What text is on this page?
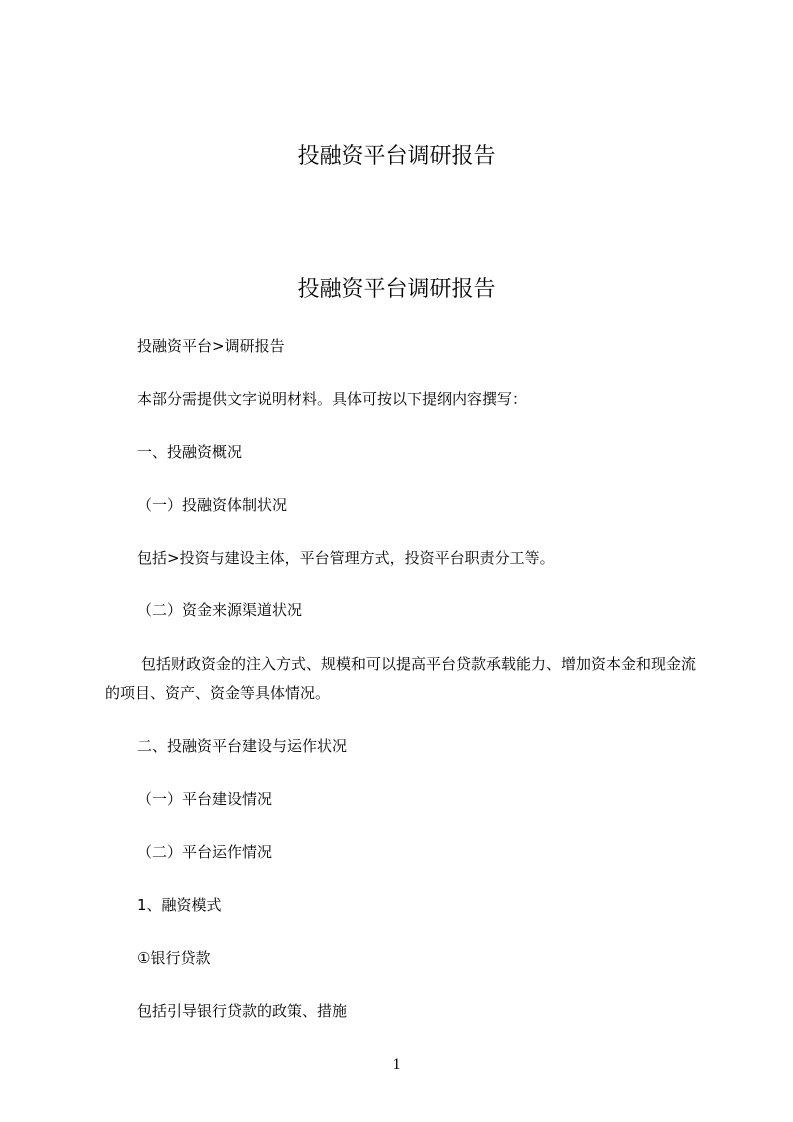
投融资平台调研报告
投融资平台调研报告

投融资平台>调研报告

本部分需提供文字说明材料。具体可按以下提纲内容撰写：

一、投融资概况

（一）投融资体制状况

包括>投资与建设主体，平台管理方式，投资平台职责分工等。

（二）资金来源渠道状况

包括财政资金的注入方式、规模和可以提高平台贷款承载能力、增加资本金和现金流的项目、资产、资金等具体情况。

二、投融资平台建设与运作状况

（一）平台建设情况

（二）平台运作情况

1、融资模式

①银行贷款

包括引导银行贷款的政策、措施

1
